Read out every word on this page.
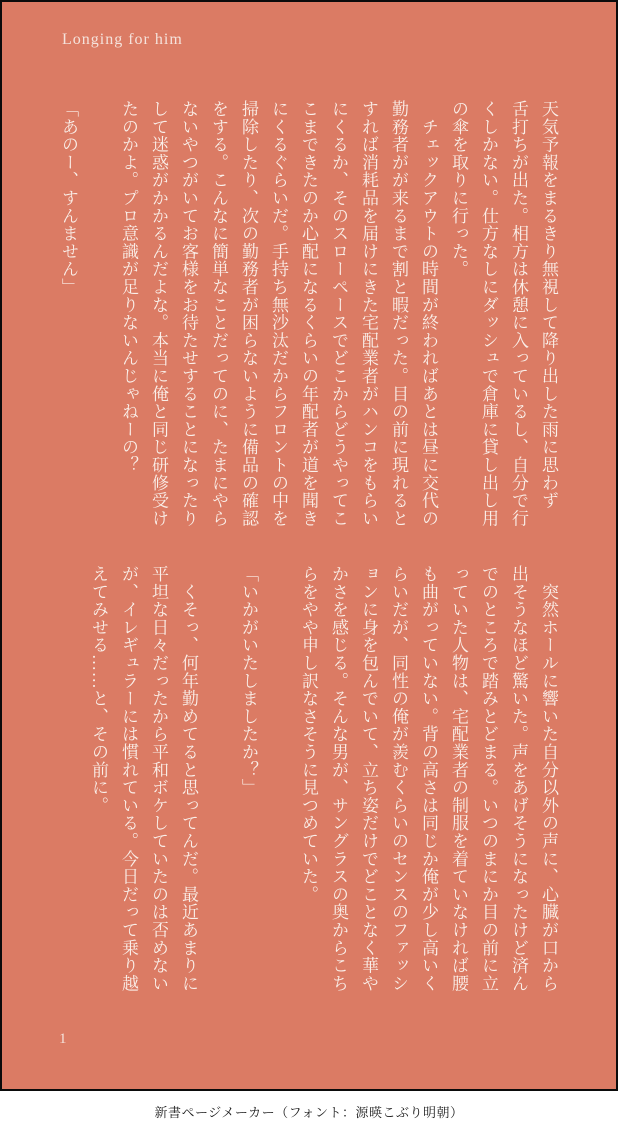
Longing for him
天気予報をまるきり無視して降り出した雨に思わず
舌打ちが出た。相方は休憩に入っているし、自分で行
くしかない。仕方なしにダッシュで倉庫に貸し出し用
の傘を取りに行った。
　チェックアウトの時間が終わればあとは昼に交代の
勤務者がが来るまで割と暇だった。目の前に現れると
すれば消耗品を届けにきた宅配業者がハンコをもらい
にくるか、そのスローペースでどこからどうやってこ
こまできたのか心配になるくらいの年配者が道を聞き
にくるぐらいだ。手持ち無沙汰だからフロントの中を
掃除したり、次の勤務者が困らないように備品の確認
をする。こんなに簡単なことだってのに、たまにやら
ないやつがいてお客様をお待たせすることになったり
して迷惑がかかるんだよな。本当に俺と同じ研修受け
たのかよ。プロ意識が足りないんじゃねーの？

「あのー、すんません」
　突然ホールに響いた自分以外の声に、心臓が口から
出そうなほど驚いた。声をあげそうになったけど済ん
でのところで踏みとどまる。いつのまにか目の前に立
っていた人物は、宅配業者の制服を着ていなければ腰
も曲がっていない。背の高さは同じか俺が少し高いく
らいだが、同性の俺が羨むくらいのセンスのファッシ
ョンに身を包んでいて、立ち姿だけでどことなく華や
かさを感じる。そんな男が、サングラスの奥からこち
らをやや申し訳なさそうに見つめていた。

「いかがいたしましたか？」

　くそっ、何年勤めてると思ってんだ。最近あまりに
平坦な日々だったから平和ボケしていたのは否めない
が、イレギュラーには慣れている。今日だって乗り越
えてみせる……と、その前に。
1
新書ページメーカー（フォント：源暎こぶり明朝）
